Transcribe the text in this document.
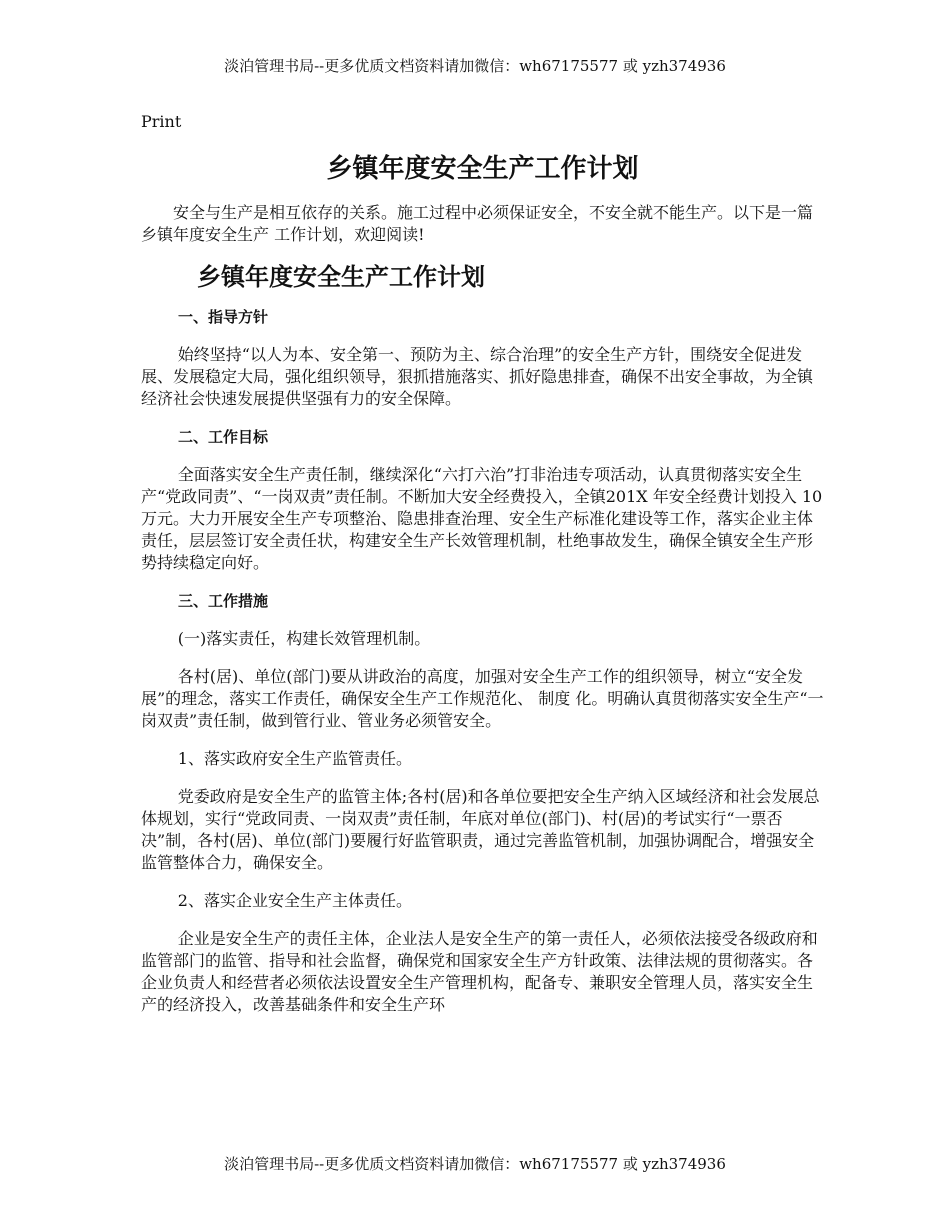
淡泊管理书局--更多优质文档资料请加微信：wh67175577 或 yzh374936
Print
乡镇年度安全生产工作计划

安全与生产是相互依存的关系。施工过程中必须保证安全，不安全就不能生产。以下是一篇乡镇年度安全生产 工作计划，欢迎阅读!

乡镇年度安全生产工作计划
一、指导方针

始终坚持“以人为本、安全第一、预防为主、综合治理”的安全生产方针，围绕安全促进发展、发展稳定大局，强化组织领导，狠抓措施落实、抓好隐患排查，确保不出安全事故，为全镇经济社会快速发展提供坚强有力的安全保障。

二、工作目标

全面落实安全生产责任制，继续深化“六打六治”打非治违专项活动，认真贯彻落实安全生产“党政同责”、“一岗双责”责任制。不断加大安全经费投入，全镇201X 年安全经费计划投入 10 万元。大力开展安全生产专项整治、隐患排查治理、安全生产标准化建设等工作，落实企业主体责任，层层签订安全责任状，构建安全生产长效管理机制，杜绝事故发生，确保全镇安全生产形势持续稳定向好。

三、工作措施
(一)落实责任，构建长效管理机制。

各村(居)、单位(部门)要从讲政治的高度，加强对安全生产工作的组织领导，树立“安全发展”的理念，落实工作责任，确保安全生产工作规范化、 制度 化。明确认真贯彻落实安全生产“一岗双责”责任制，做到管行业、管业务必须管安全。

1、落实政府安全生产监管责任。

党委政府是安全生产的监管主体;各村(居)和各单位要把安全生产纳入区域经济和社会发展总体规划，实行“党政同责、一岗双责”责任制，年底对单位(部门)、村(居)的考试实行“一票否决”制，各村(居)、单位(部门)要履行好监管职责，通过完善监管机制，加强协调配合，增强安全监管整体合力，确保安全。

2、落实企业安全生产主体责任。

企业是安全生产的责任主体，企业法人是安全生产的第一责任人，必须依法接受各级政府和监管部门的监管、指导和社会监督，确保党和国家安全生产方针政策、法律法规的贯彻落实。各企业负责人和经营者必须依法设置安全生产管理机构，配备专、兼职安全管理人员，落实安全生产的经济投入，改善基础条件和安全生产环

淡泊管理书局--更多优质文档资料请加微信：wh67175577 或 yzh374936
